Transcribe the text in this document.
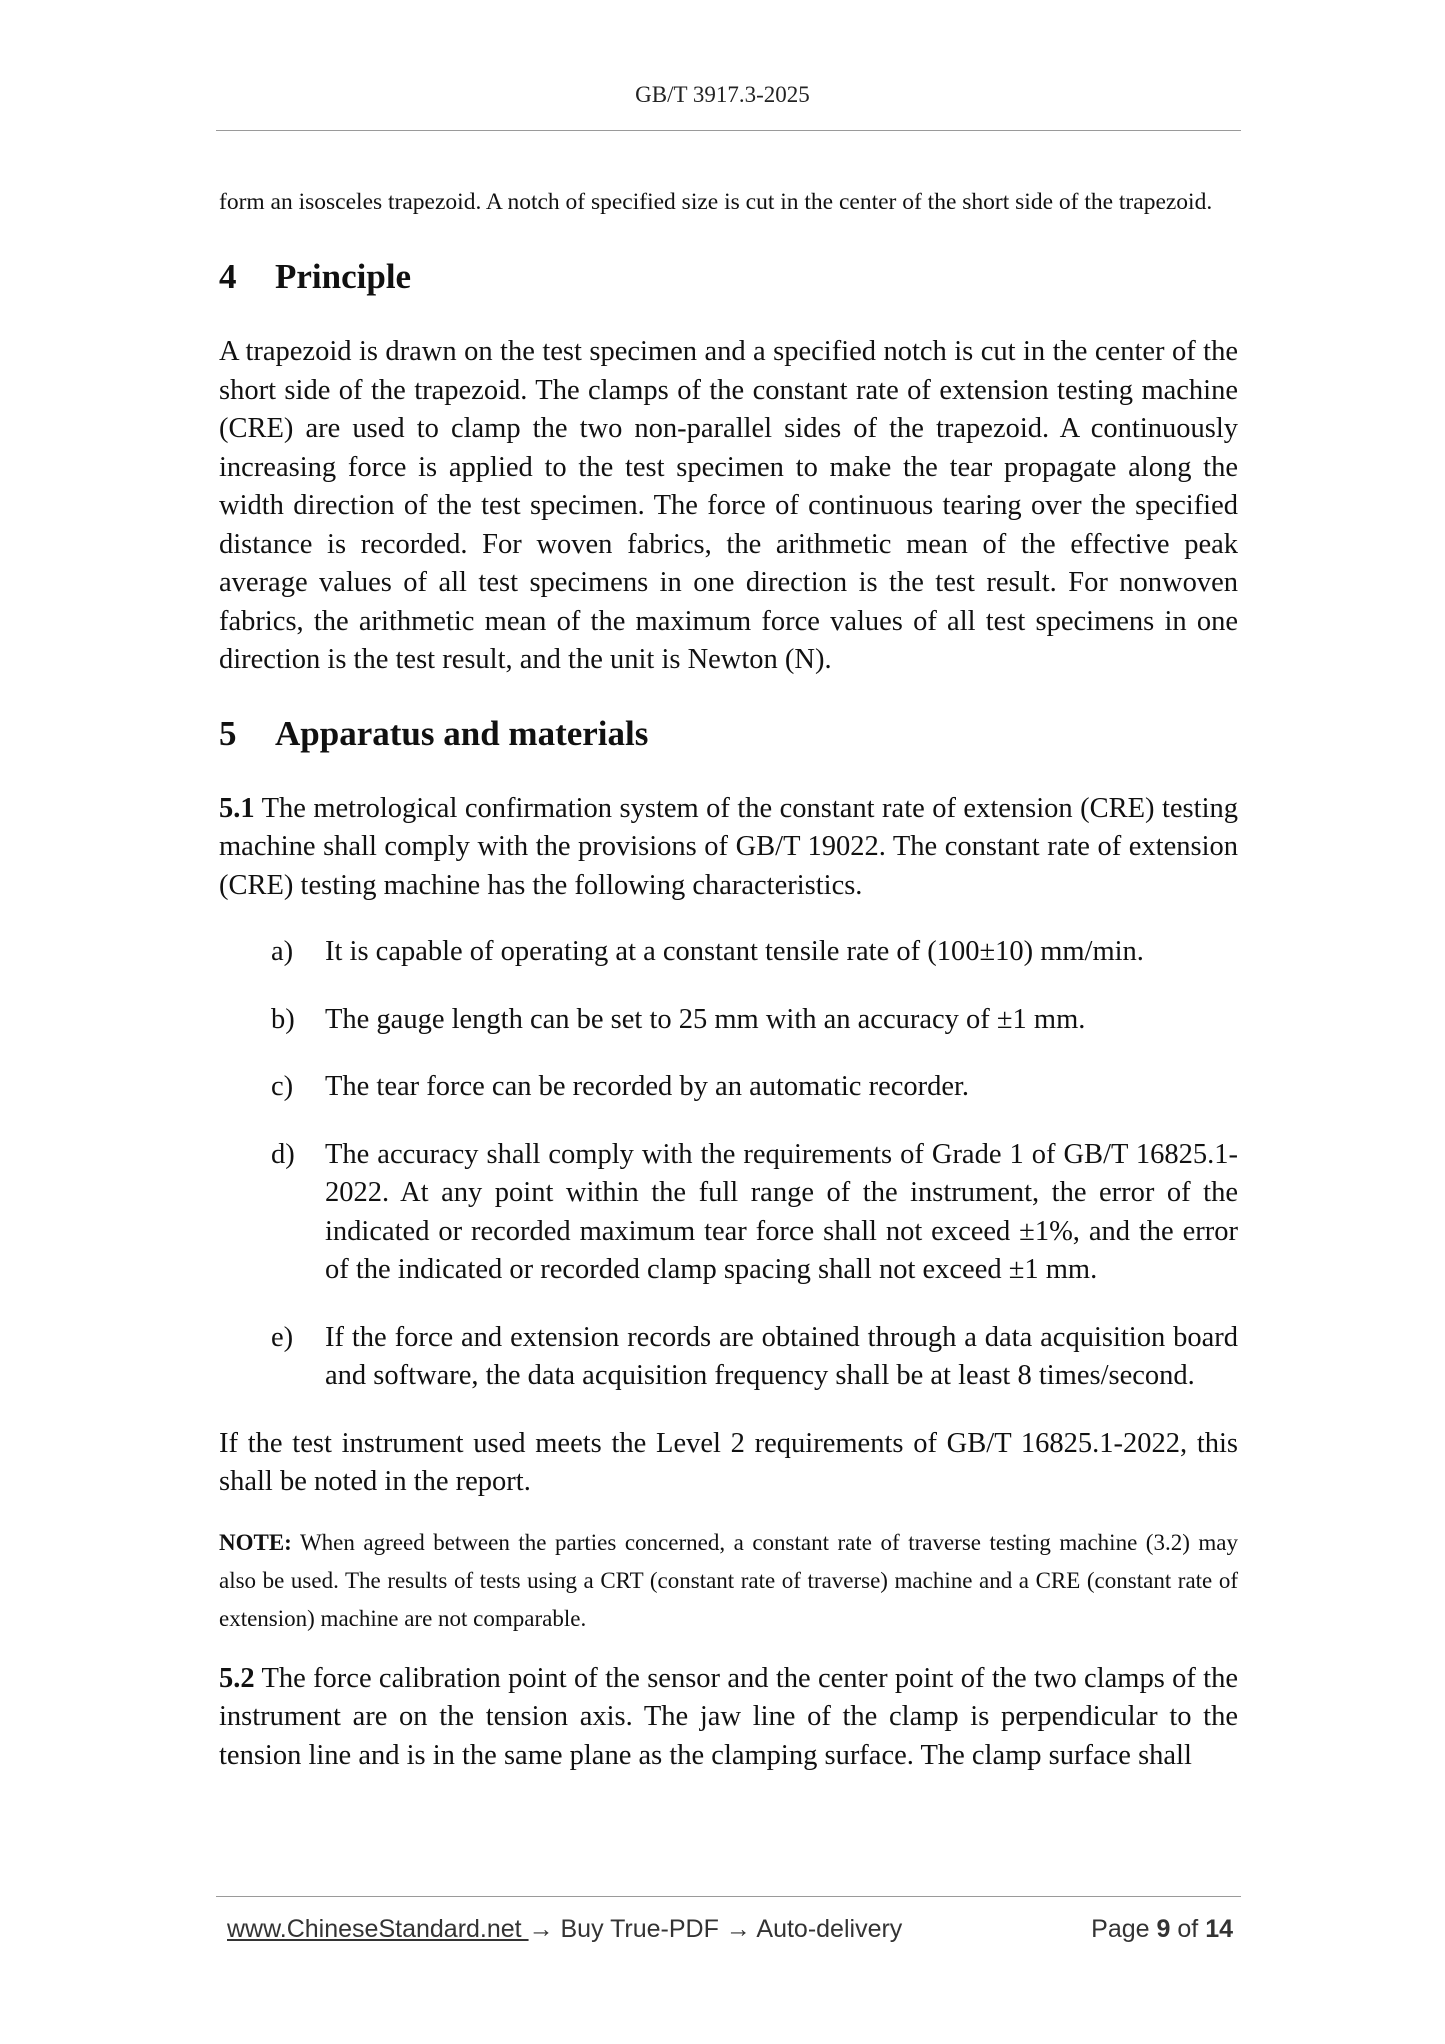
GB/T 3917.3-2025

form an isosceles trapezoid. A notch of specified size is cut in the center of the short side of the trapezoid.

4 Principle

A trapezoid is drawn on the test specimen and a specified notch is cut in the center of the short side of the trapezoid. The clamps of the constant rate of extension testing machine (CRE) are used to clamp the two non-parallel sides of the trapezoid. A continuously increasing force is applied to the test specimen to make the tear propagate along the width direction of the test specimen. The force of continuous tearing over the specified distance is recorded. For woven fabrics, the arithmetic mean of the effective peak average values of all test specimens in one direction is the test result. For nonwoven fabrics, the arithmetic mean of the maximum force values of all test specimens in one direction is the test result, and the unit is Newton (N).

5 Apparatus and materials

5.1 The metrological confirmation system of the constant rate of extension (CRE) testing machine shall comply with the provisions of GB/T 19022. The constant rate of extension (CRE) testing machine has the following characteristics.

a)	It is capable of operating at a constant tensile rate of (100±10) mm/min.
b)	The gauge length can be set to 25 mm with an accuracy of ±1 mm.
c)	The tear force can be recorded by an automatic recorder.
d)	The accuracy shall comply with the requirements of Grade 1 of GB/T 16825.1-2022. At any point within the full range of the instrument, the error of the indicated or recorded maximum tear force shall not exceed ±1%, and the error of the indicated or recorded clamp spacing shall not exceed ±1 mm.
e)	If the force and extension records are obtained through a data acquisition board and software, the data acquisition frequency shall be at least 8 times/second.

If the test instrument used meets the Level 2 requirements of GB/T 16825.1-2022, this shall be noted in the report.

NOTE: When agreed between the parties concerned, a constant rate of traverse testing machine (3.2) may also be used. The results of tests using a CRT (constant rate of traverse) machine and a CRE (constant rate of extension) machine are not comparable.

5.2 The force calibration point of the sensor and the center point of the two clamps of the instrument are on the tension axis. The jaw line of the clamp is perpendicular to the tension line and is in the same plane as the clamping surface. The clamp surface shall

www.ChineseStandard.net → Buy True-PDF → Auto-delivery	Page 9 of 14
